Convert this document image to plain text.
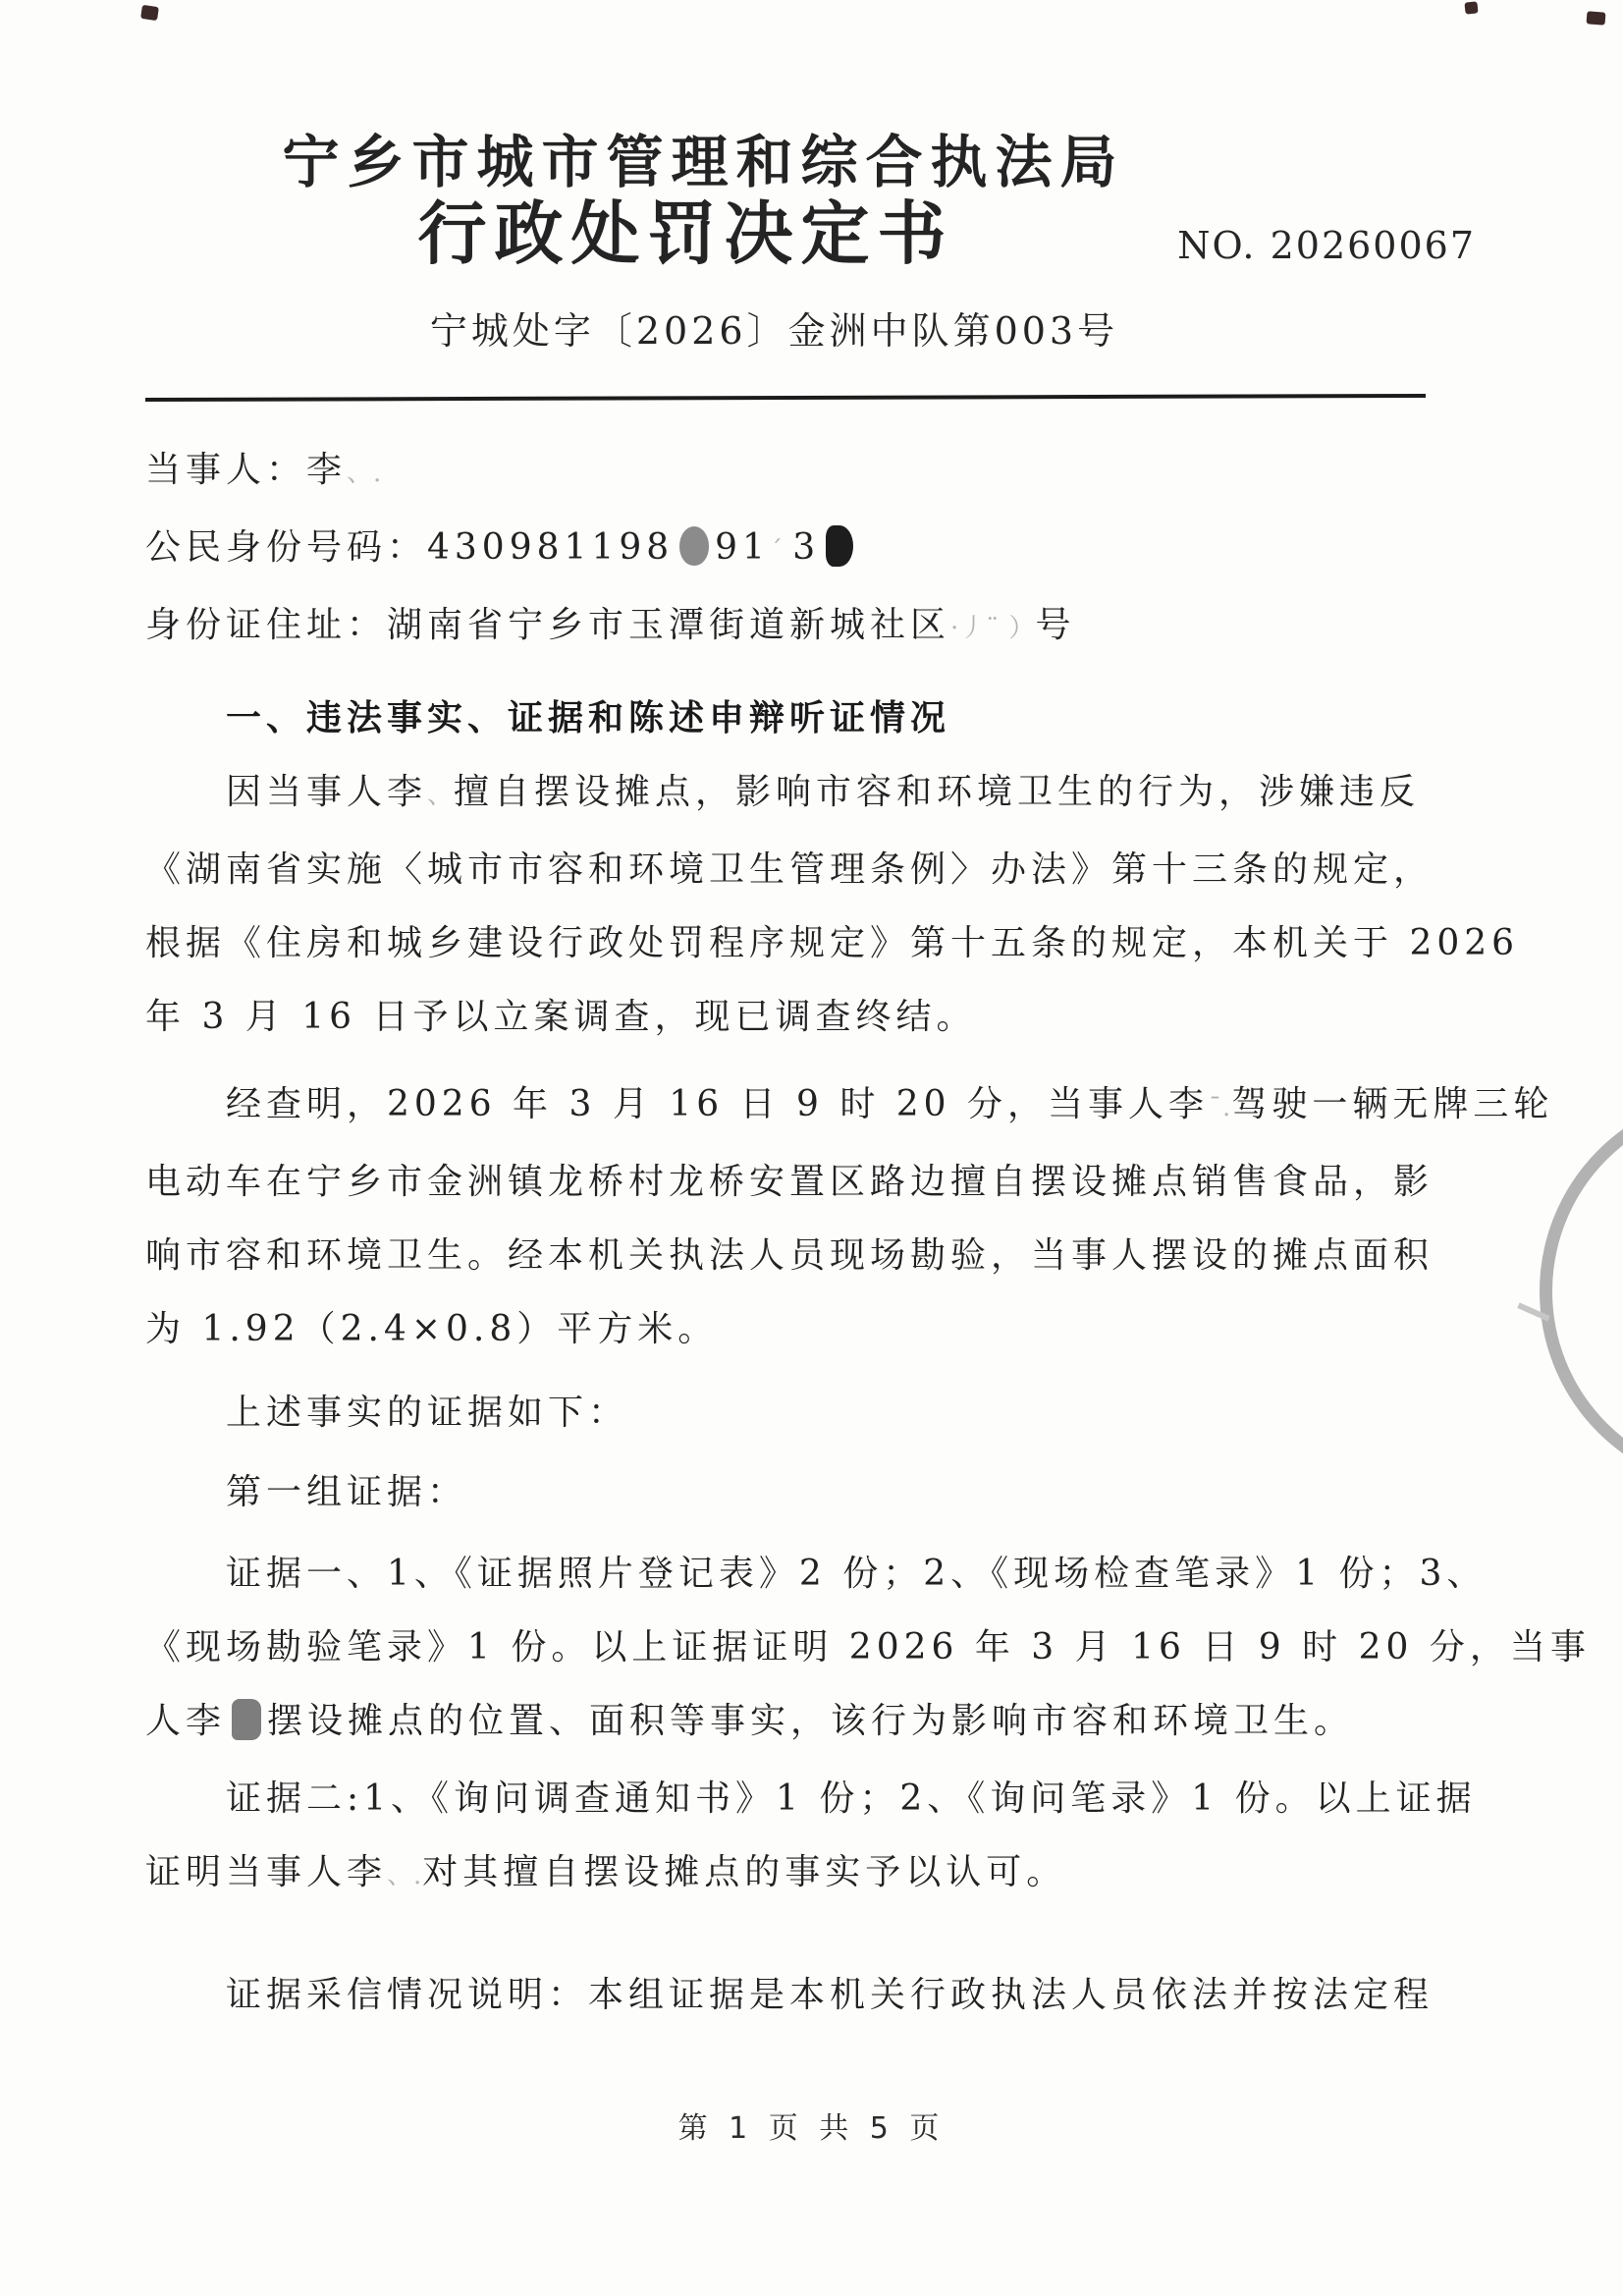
宁乡市城市管理和综合执法局
行政处罚决定书	NO. 20260067
宁城处字〔2026〕金洲中队第003号
当事人：李、.
公民身份号码：430981198 91ˊ 3
身份证住址：湖南省宁乡市玉潭街道新城社区·丿¨ ）号
一、违法事实、证据和陈述申辩听证情况
因当事人李、擅自摆设摊点，影响市容和环境卫生的行为，涉嫌违反
《湖南省实施〈城市市容和环境卫生管理条例〉办法》第十三条的规定，
根据《住房和城乡建设行政处罚程序规定》第十五条的规定，本机关于 2026
年 3 月 16 日予以立案调查，现已调查终结。
经查明，2026 年 3 月 16 日 9 时 20 分，当事人李ˉ.驾驶一辆无牌三轮
电动车在宁乡市金洲镇龙桥村龙桥安置区路边擅自摆设摊点销售食品，影
响市容和环境卫生。经本机关执法人员现场勘验，当事人摆设的摊点面积
为 1.92（2.4×0.8）平方米。
上述事实的证据如下：
第一组证据：
证据一、1、《证据照片登记表》2 份；2、《现场检查笔录》1 份；3、
《现场勘验笔录》1 份。以上证据证明 2026 年 3 月 16 日 9 时 20 分，当事
人李 摆设摊点的位置、面积等事实，该行为影响市容和环境卫生。
证据二:1、《询问调查通知书》1 份；2、《询问笔录》1 份。以上证据
证明当事人李、.对其擅自摆设摊点的事实予以认可。
证据采信情况说明：本组证据是本机关行政执法人员依法并按法定程
第 1 页 共 5 页
